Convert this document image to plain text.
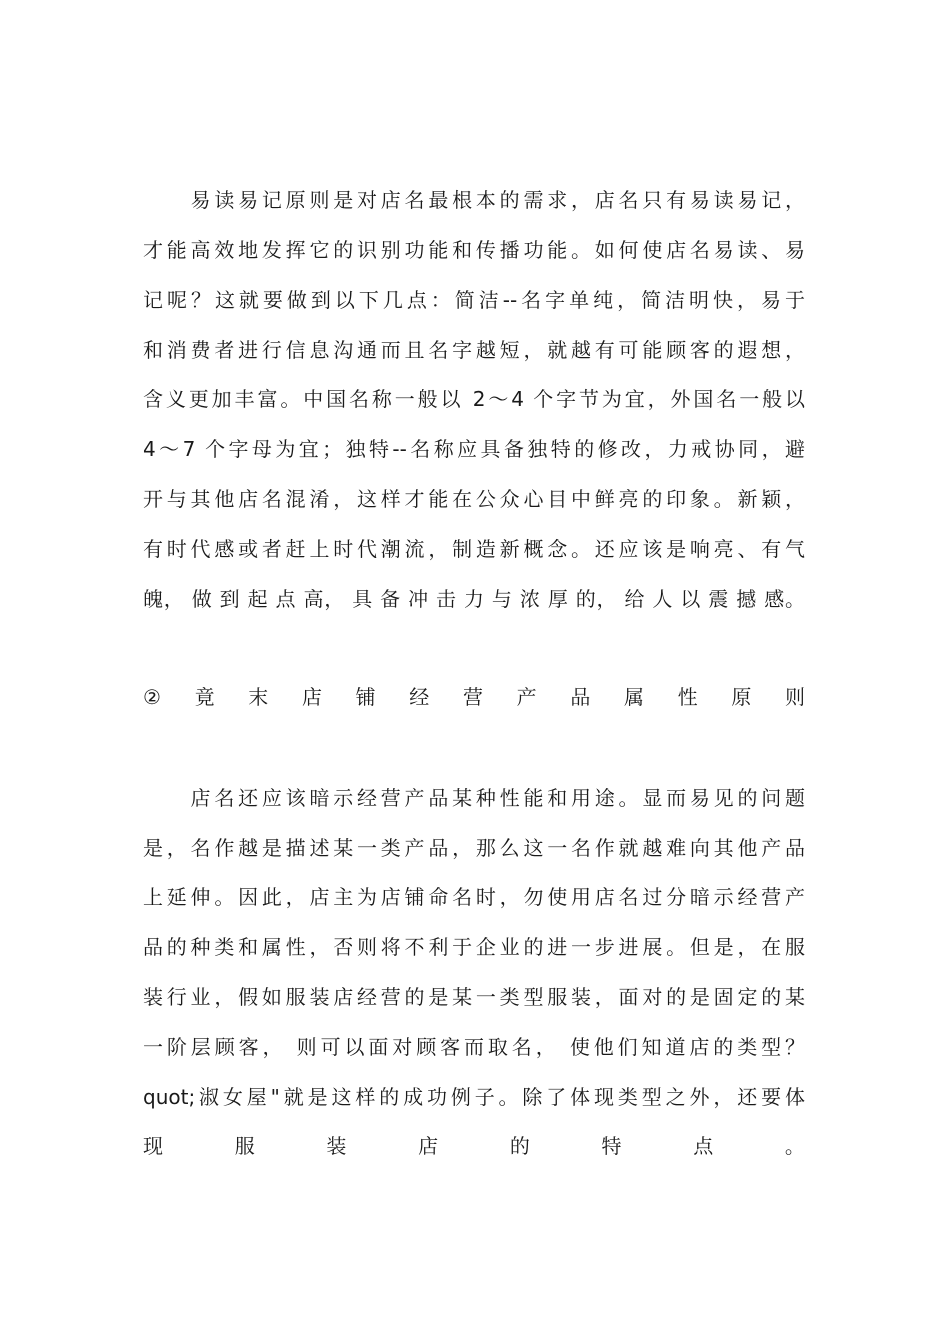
　　易读易记原则是对店名最根本的需求，店名只有易读易记，
才能高效地发挥它的识别功能和传播功能。如何使店名易读、易
记呢？这就要做到以下几点：简洁--名字单纯，简洁明快，易于
和消费者进行信息沟通而且名字越短，就越有可能顾客的遐想，
含义更加丰富。中国名称一般以 2～4 个字节为宜，外国名一般以
4～7 个字母为宜；独特--名称应具备独特的修改，力戒协同，避
开与其他店名混淆，这样才能在公众心目中鲜亮的印象。新颖，
有时代感或者赶上时代潮流，制造新概念。还应该是响亮、有气
魄， 做 到 起 点 高， 具 备 冲 击 力 与 浓 厚 的， 给 人 以 震 撼 感。
② 竟 末 店 铺 经 营 产 品 属 性 原 则
　　店名还应该暗示经营产品某种性能和用途。显而易见的问题
是，名作越是描述某一类产品，那么这一名作就越难向其他产品
上延伸。因此，店主为店铺命名时，勿使用店名过分暗示经营产
品的种类和属性，否则将不利于企业的进一步进展。但是，在服
装行业，假如服装店经营的是某一类型服装，面对的是固定的某
一阶层顾客， 则可以面对顾客而取名， 使他们知道店的类型？
quot;淑女屋"就是这样的成功例子。除了体现类型之外，还要体
现	服	装	店	的	特	点	。
